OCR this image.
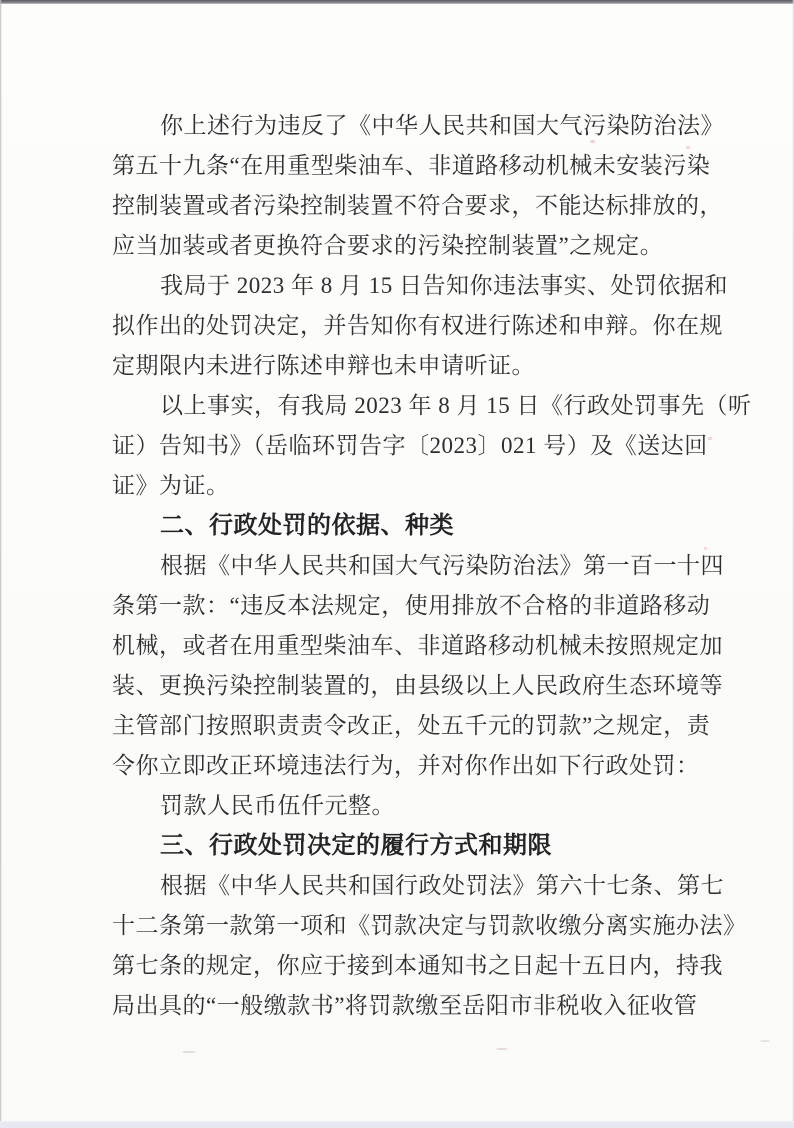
你上述行为违反了《中华人民共和国大气污染防治法》
第五十九条“在用重型柴油车、非道路移动机械未安装污染
控制装置或者污染控制装置不符合要求，不能达标排放的，
应当加装或者更换符合要求的污染控制装置”之规定。
我局于 2023 年 8 月 15 日告知你违法事实、处罚依据和
拟作出的处罚决定，并告知你有权进行陈述和申辩。你在规
定期限内未进行陈述申辩也未申请听证。
以上事实，有我局 2023 年 8 月 15 日《行政处罚事先（听
证）告知书》（岳临环罚告字〔2023〕021 号）及《送达回
证》为证。
二、行政处罚的依据、种类
根据《中华人民共和国大气污染防治法》第一百一十四
条第一款：“违反本法规定，使用排放不合格的非道路移动
机械，或者在用重型柴油车、非道路移动机械未按照规定加
装、更换污染控制装置的，由县级以上人民政府生态环境等
主管部门按照职责责令改正，处五千元的罚款”之规定，责
令你立即改正环境违法行为，并对你作出如下行政处罚：
罚款人民币伍仟元整。
三、行政处罚决定的履行方式和期限
根据《中华人民共和国行政处罚法》第六十七条、第七
十二条第一款第一项和《罚款决定与罚款收缴分离实施办法》
第七条的规定，你应于接到本通知书之日起十五日内，持我
局出具的“一般缴款书”将罚款缴至岳阳市非税收入征收管
